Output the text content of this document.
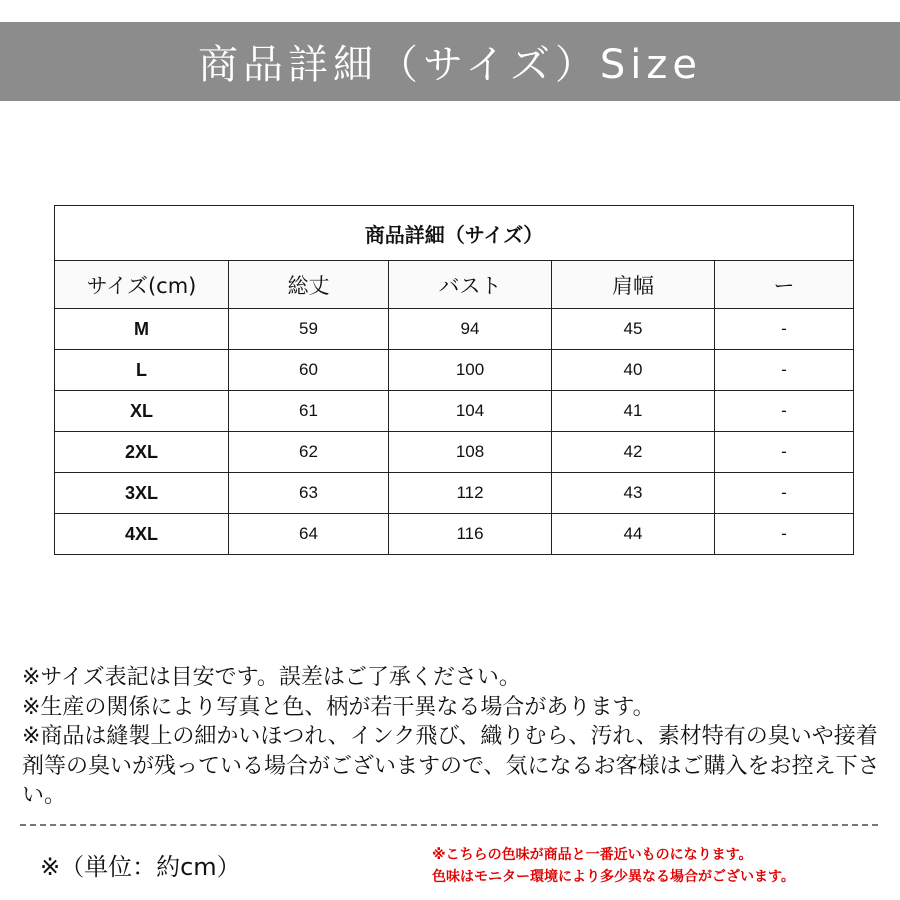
商品詳細（サイズ）Size
商品詳細（サイズ）				
サイズ(cm)	総丈	バスト	肩幅	ー
M	59	94	45	-
L	60	100	40	-
XL	61	104	41	-
2XL	62	108	42	-
3XL	63	112	43	-
4XL	64	116	44	-

※サイズ表記は目安です。誤差はご了承ください。

※生産の関係により写真と色、柄が若干異なる場合があります。

※商品は縫製上の細かいほつれ、インク飛び、織りむら、汚れ、素材特有の臭いや接着剤等の臭いが残っている場合がございますので、気になるお客様はご購入をお控え下さい。

※（単位：約cm）	※こちらの色味が商品と一番近いものになります。

色味はモニター環境により多少異なる場合がございます。
